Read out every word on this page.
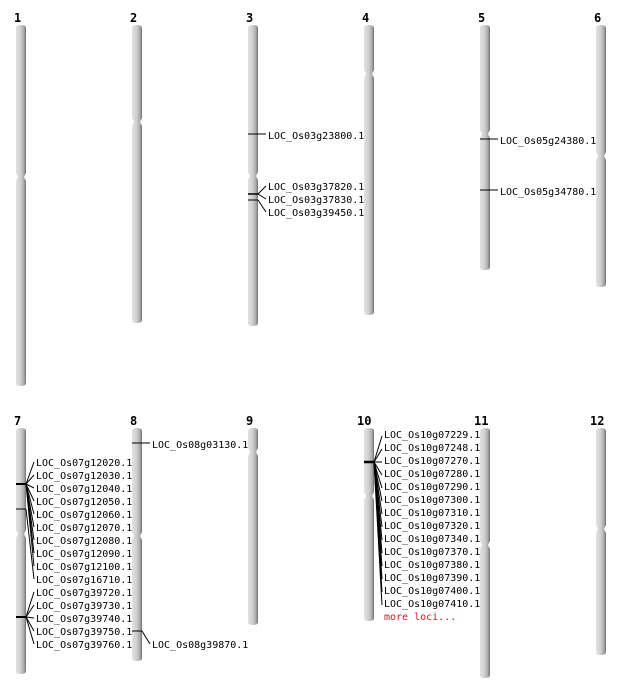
1	2	3
LOC_Os03g23800.1
LOC_Os03g37820.1
LOC_Os03g37830.1
LOC_Os03g39450.1
4	5
LOC_Os05g24380.1
LOC_Os05g34780.1
6
7
LOC_Os07g12020.1
LOC_Os07g12030.1
LOC_Os07g12040.1
LOC_Os07g12050.1
LOC_Os07g12060.1
LOC_Os07g12070.1
LOC_Os07g12080.1
LOC_Os07g12090.1
LOC_Os07g12100.1
LOC_Os07g16710.1
LOC_Os07g39720.1
LOC_Os07g39730.1
LOC_Os07g39740.1
LOC_Os07g39750.1
LOC_Os07g39760.1
8
LOC_Os08g03130.1
LOC_Os08g39870.1
9	10
LOC_Os10g07229.1
LOC_Os10g07248.1
LOC_Os10g07270.1
LOC_Os10g07280.1
LOC_Os10g07290.1
LOC_Os10g07300.1
LOC_Os10g07310.1
LOC_Os10g07320.1
LOC_Os10g07340.1
LOC_Os10g07370.1
LOC_Os10g07380.1
LOC_Os10g07390.1
LOC_Os10g07400.1
LOC_Os10g07410.1
more loci...
11	12
